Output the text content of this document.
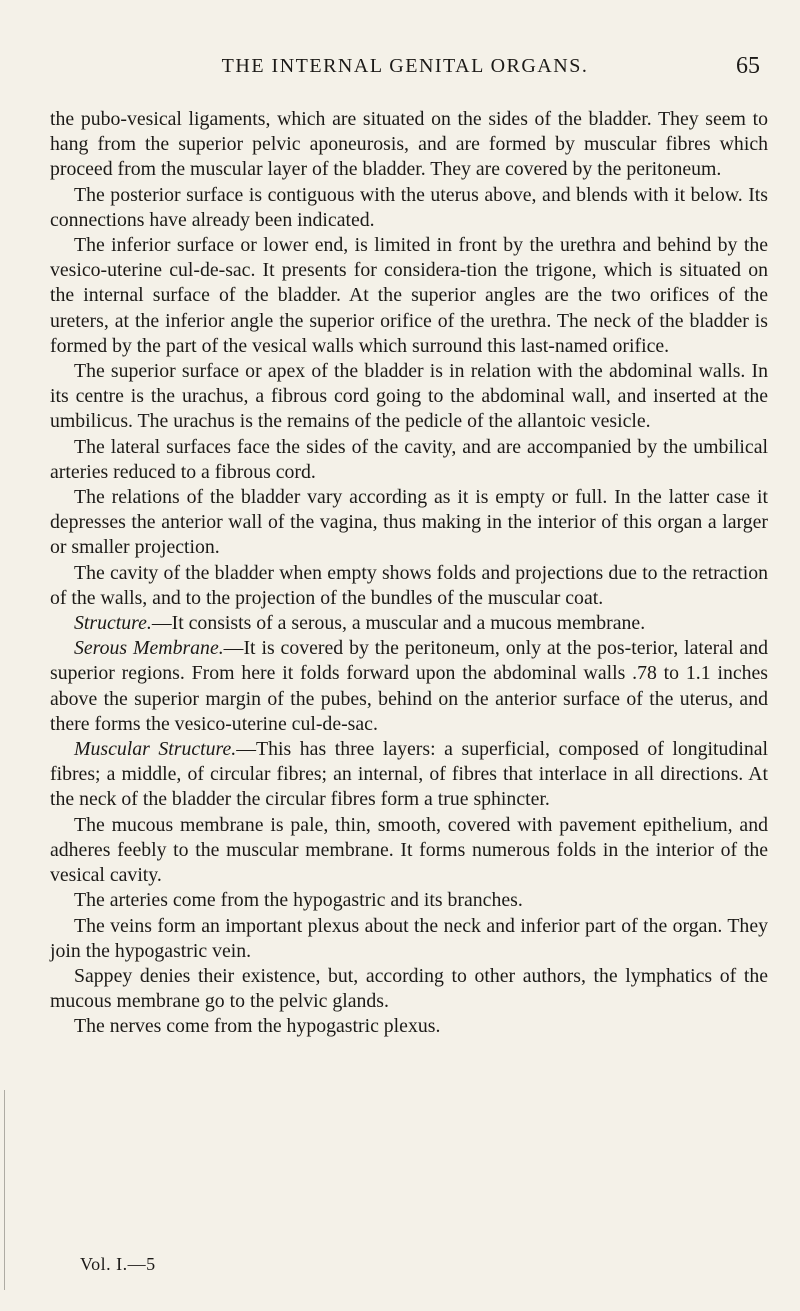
THE INTERNAL GENITAL ORGANS.	65

the pubo-vesical ligaments, which are situated on the sides of the bladder. They seem to hang from the superior pelvic aponeurosis, and are formed by muscular fibres which proceed from the muscular layer of the bladder. They are covered by the peritoneum.

The posterior surface is contiguous with the uterus above, and blends with it below. Its connections have already been indicated.

The inferior surface or lower end, is limited in front by the urethra and behind by the vesico-uterine cul-de-sac. It presents for considera-tion the trigone, which is situated on the internal surface of the bladder. At the superior angles are the two orifices of the ureters, at the inferior angle the superior orifice of the urethra. The neck of the bladder is formed by the part of the vesical walls which surround this last-named orifice.

The superior surface or apex of the bladder is in relation with the abdominal walls. In its centre is the urachus, a fibrous cord going to the abdominal wall, and inserted at the umbilicus. The urachus is the remains of the pedicle of the allantoic vesicle.

The lateral surfaces face the sides of the cavity, and are accompanied by the umbilical arteries reduced to a fibrous cord.

The relations of the bladder vary according as it is empty or full. In the latter case it depresses the anterior wall of the vagina, thus making in the interior of this organ a larger or smaller projection.

The cavity of the bladder when empty shows folds and projections due to the retraction of the walls, and to the projection of the bundles of the muscular coat.

Structure.—It consists of a serous, a muscular and a mucous membrane.

Serous Membrane.—It is covered by the peritoneum, only at the pos-terior, lateral and superior regions. From here it folds forward upon the abdominal walls .78 to 1.1 inches above the superior margin of the pubes, behind on the anterior surface of the uterus, and there forms the vesico-uterine cul-de-sac.

Muscular Structure.—This has three layers: a superficial, composed of longitudinal fibres; a middle, of circular fibres; an internal, of fibres that interlace in all directions. At the neck of the bladder the circular fibres form a true sphincter.

The mucous membrane is pale, thin, smooth, covered with pavement epithelium, and adheres feebly to the muscular membrane. It forms numerous folds in the interior of the vesical cavity.

The arteries come from the hypogastric and its branches.

The veins form an important plexus about the neck and inferior part of the organ. They join the hypogastric vein.

Sappey denies their existence, but, according to other authors, the lymphatics of the mucous membrane go to the pelvic glands.

The nerves come from the hypogastric plexus.

Vol. I.—5
